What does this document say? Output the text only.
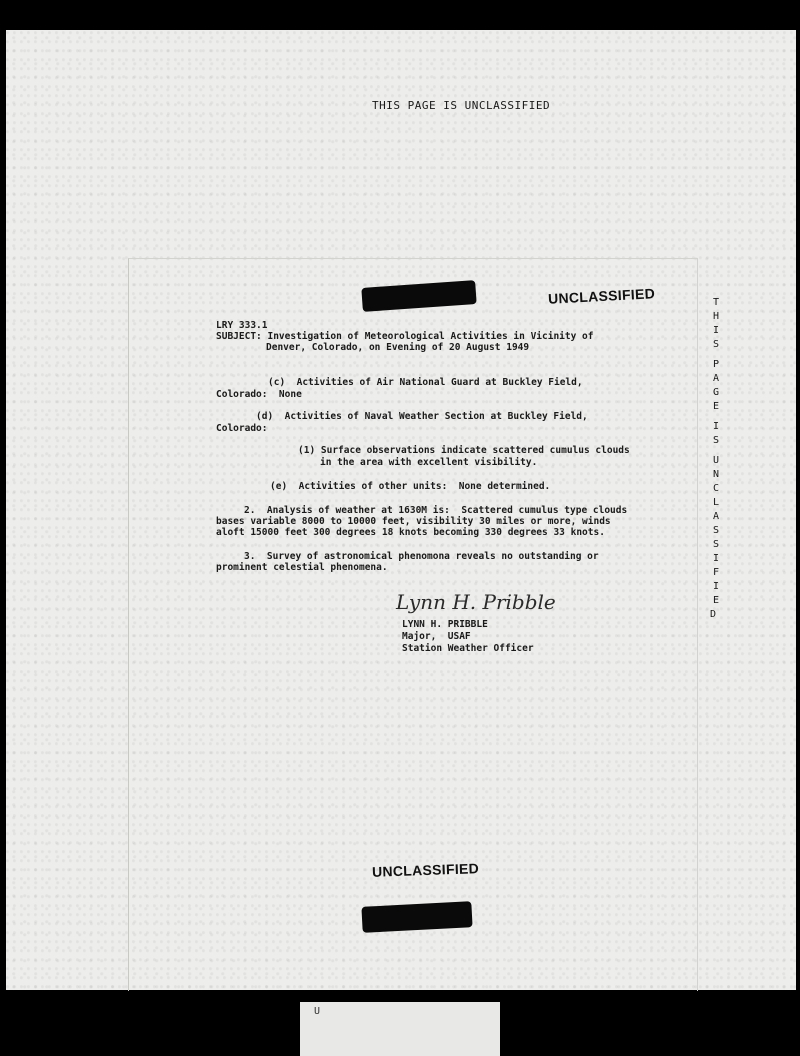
THIS PAGE IS UNCLASSIFIED
UNCLASSIFIED	T
H
I
S
P
A
G
E
I
S
U
N
C
L
A
S
S
I
F
I
E
D
LRY 333.1
SUBJECT: Investigation of Meteorological Activities in Vicinity of
Denver, Colorado, on Evening of 20 August 1949
(c)  Activities of Air National Guard at Buckley Field,
Colorado:  None
(d)  Activities of Naval Weather Section at Buckley Field,
Colorado:
(1) Surface observations indicate scattered cumulus clouds
in the area with excellent visibility.
(e)  Activities of other units:  None determined.
2.  Analysis of weather at 1630M is:  Scattered cumulus type clouds
bases variable 8000 to 10000 feet, visibility 30 miles or more, winds
aloft 15000 feet 300 degrees 18 knots becoming 330 degrees 33 knots.
3.  Survey of astronomical phenomona reveals no outstanding or
prominent celestial phenomena.
Lynn H. Pribble
LYNN H. PRIBBLE
Major,  USAF
Station Weather Officer
UNCLASSIFIED
U
